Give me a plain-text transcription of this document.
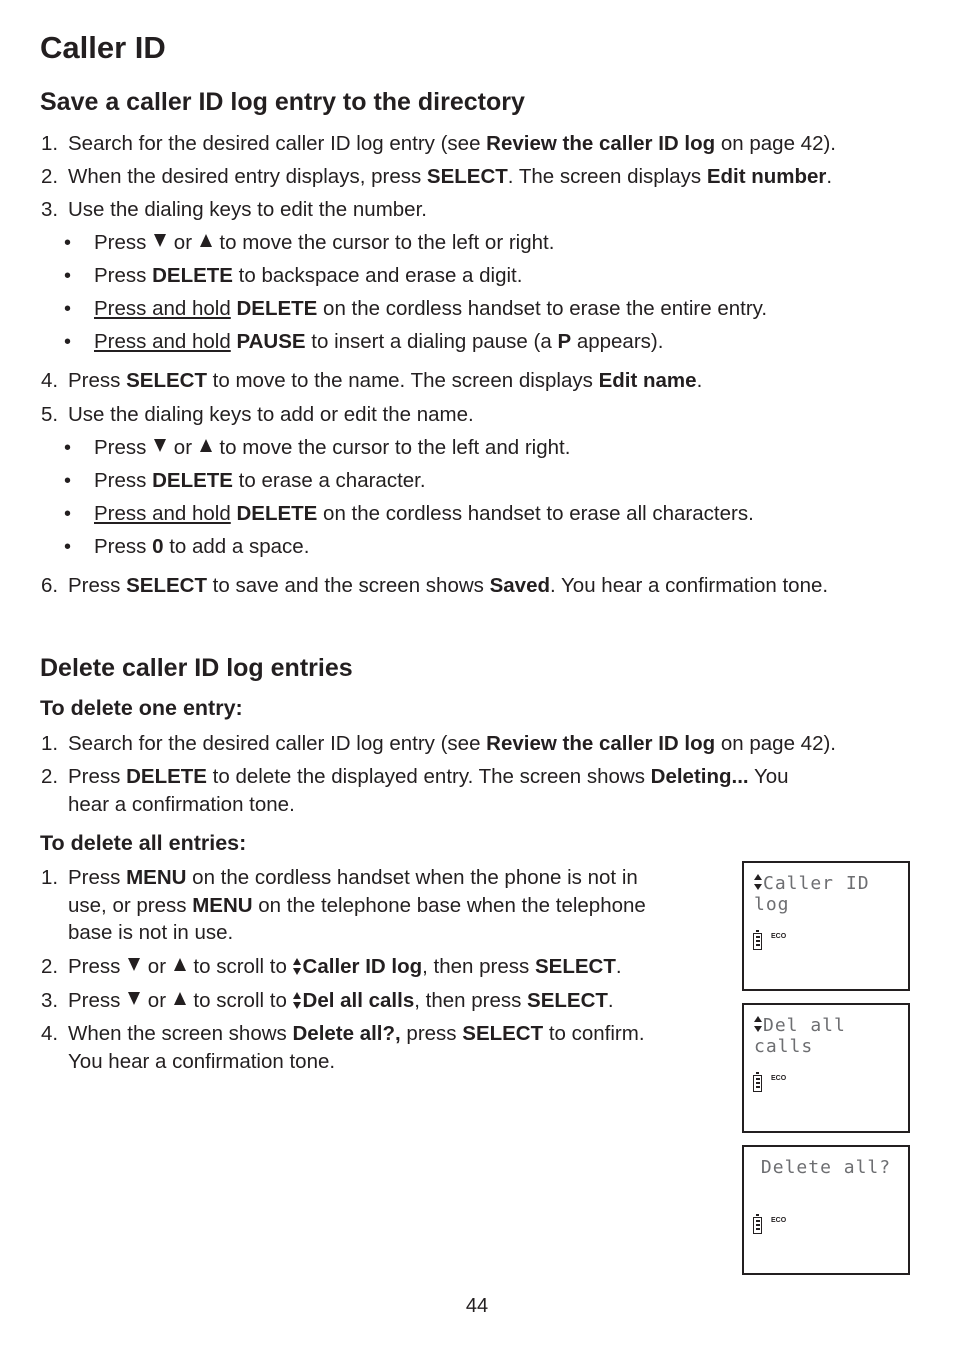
Caller ID
Save a caller ID log entry to the directory
1. Search for the desired caller ID log entry (see Review the caller ID log on page 42).
2. When the desired entry displays, press SELECT. The screen displays Edit number.
3. Use the dialing keys to edit the number.
• Press  or  to move the cursor to the left or right.
• Press DELETE to backspace and erase a digit.
• Press and hold DELETE on the cordless handset to erase the entire entry.
• Press and hold PAUSE to insert a dialing pause (a P appears).
4. Press SELECT to move to the name. The screen displays Edit name.
5. Use the dialing keys to add or edit the name.
• Press  or  to move the cursor to the left and right.
• Press DELETE to erase a character.
• Press and hold DELETE on the cordless handset to erase all characters.
• Press 0 to add a space.
6. Press SELECT to save and the screen shows Saved. You hear a confirmation tone.
Delete caller ID log entries
To delete one entry:
1. Search for the desired caller ID log entry (see Review the caller ID log on page 42).
2. Press DELETE to delete the displayed entry. The screen shows Deleting... You
hear a confirmation tone.
To delete all entries:
1. Press MENU on the cordless handset when the phone is not in
use, or press MENU on the telephone base when the telephone
base is not in use.
2. Press  or  to scroll to Caller ID log, then press SELECT.
3. Press  or  to scroll to Del all calls, then press SELECT.
4. When the screen shows Delete all?, press SELECT to confirm.
You hear a confirmation tone.
Caller ID log
ECO
Del all calls
ECO
Delete all?
ECO
44
